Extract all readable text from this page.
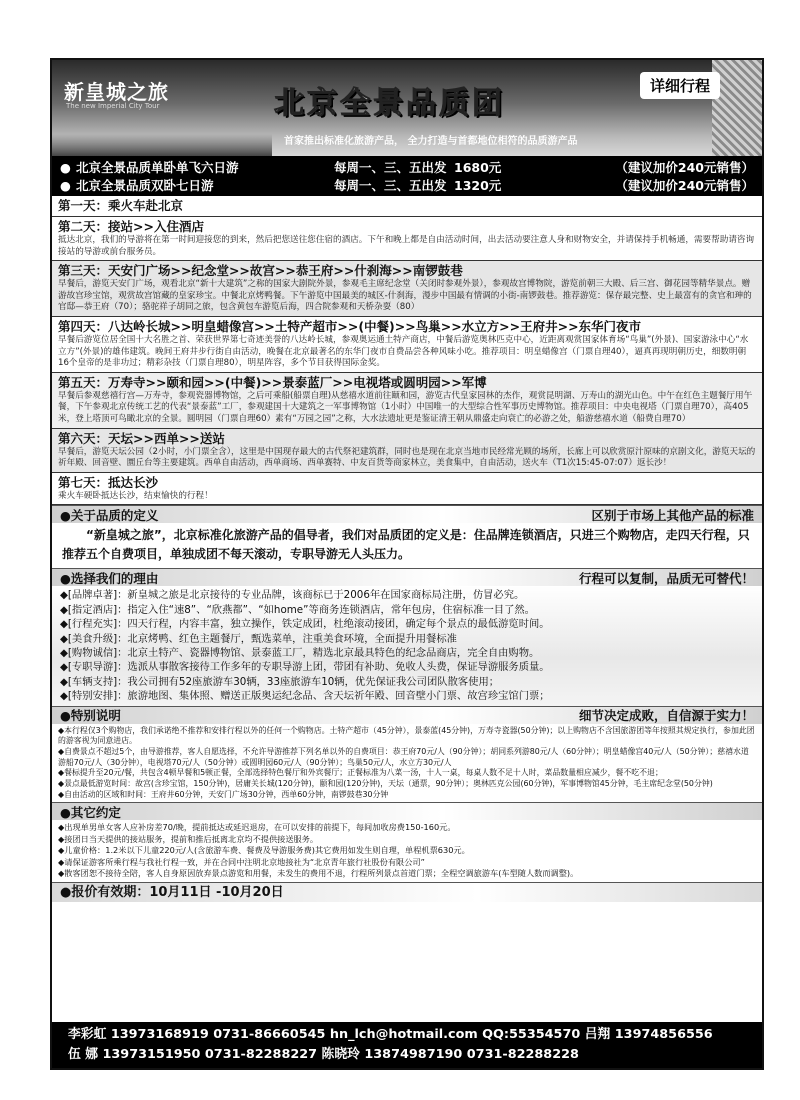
新皇城之旅
The new Imperial City Tour	北京全景品质团	详细行程
首家推出标准化旅游产品， 全力打造与首都地位相符的品质游产品
● 北京全景品质单卧单飞六日游	每周一、三、五出发 1680元	（建议加价240元销售）
● 北京全景品质双卧七日游	每周一、三、五出发 1320元	（建议加价240元销售）
第一天：乘火车赴北京
第二天：接站>>入住酒店
抵达北京，我们的导游将在第一时间迎接您的到来，然后把您送往您住宿的酒店。下午和晚上都是自由活动时间，出去活动要注意人身和财物安全，并请保持手机畅通，需要帮助请咨询接站的导游或前台服务员。
第三天：天安门广场>>纪念堂>>故宫>>恭王府>>什刹海>>南锣鼓巷
早餐后，游览天安门广场，观看北京“新十大建筑”之称的国家大剧院外景，参观毛主席纪念堂（关闭时参观外景），参观故宫博物院，游览前朝三大殿、后三宫、御花园等精华景点。赠游故宫珍宝馆，观赏故宫馆藏的皇家珍宝。中餐北京烤鸭餐。下午游览中国最美的城区-什刹海，漫步中国最有情调的小街-南锣鼓巷。推荐游览：保存最完整、史上最富有的贪官和珅的官邸—恭王府（70）；骆驼祥子胡同之旅，包含黄包车游览后海，四合院参观和天桥杂耍（80）
第四天：八达岭长城>>明皇蜡像宫>>土特产超市>>(中餐)>>鸟巢>>水立方>>王府井>>东华门夜市
早餐后游览位居全国十大名胜之首、荣获世界第七奇迹美誉的八达岭长城，参观奥运通土特产商店，中餐后游览奥林匹克中心，近距离观赏国家体育场“鸟巢”(外景)、国家游泳中心“水立方”(外景)的雄伟建筑。晚间王府井步行街自由活动，晚餐在北京最著名的东华门夜市自费品尝各种风味小吃。推荐项目：明皇蜡像宫（门票自理40），逼真再现明朝历史，细数明朝16个皇帝的是非功过；精彩杂技（门票自理80），明星阵容，多个节目获得国际金奖。
第五天：万寿寺>>颐和园>>(中餐)>>景泰蓝厂>>电视塔或圆明园>>军博
早餐后参观慈禧行宫—万寿寺，参观瓷器博物馆，之后可乘船(船票自理)从慈禧水道前往颐和园，游览古代皇家园林的杰作，观赏昆明湖、万寿山的湖光山色。中午在红色主题餐厅用午餐，下午参观北京传统工艺的代表“景泰蓝”工厂，参观建国十大建筑之一军事博物馆（1小时）中国唯一的大型综合性军事历史博物馆。推荐项目：中央电视塔（门票自理70），高405米，登上塔顶可鸟瞰北京的全景。圆明园（门票自理60）素有“万园之园”之称，大水法遗址更是鉴证清王朝从鼎盛走向衰亡的必游之处，船游慈禧水道（船费自理70）
第六天：天坛>>西单>>送站
早餐后，游览天坛公园（2小时，小门票全含），这里是中国现存最大的古代祭祀建筑群，同时也是现在北京当地市民经常光顾的场所，长廊上可以欣赏原汁原味的京剧文化，游览天坛的祈年殿、回音壁、圜丘台等主要建筑。西单自由活动，西单商场、西单赛特、中友百货等商家林立，美食集中，自由活动，送火车（T1次15:45-07:07）返长沙！
第七天：抵达长沙
乘火车硬卧抵达长沙，结束愉快的行程！
●关于品质的定义	区别于市场上其他产品的标准
“新皇城之旅”，北京标准化旅游产品的倡导者，我们对品质团的定义是：住品牌连锁酒店，只进三个购物店，走四天行程，只推荐五个自费项目，单独成团不每天滚动，专职导游无人头压力。
●选择我们的理由	行程可以复制，品质无可替代！
◆[品牌卓著]：新皇城之旅是北京接待的专业品牌，该商标已于2006年在国家商标局注册，仿冒必究。
◆[指定酒店]：指定入住“速8”、“欣燕都”、“如home”等商务连锁酒店，常年包房，住宿标准一目了然。
◆[行程充实]：四天行程，内容丰富，独立操作，铁定成团，杜绝滚动接团，确定每个景点的最低游览时间。
◆[美食升级]：北京烤鸭、红色主题餐厅，甄选菜单，注重美食环境，全面提升用餐标准
◆[购物诚信]：北京土特产、瓷器博物馆、景泰蓝工厂，精选北京最具特色的纪念品商店，完全自由购物。
◆[专职导游]：选派从事散客接待工作多年的专职导游上团，带团有补助、免收人头费，保证导游服务质量。
◆[车辆支持]：我公司拥有52座旅游车30辆，33座旅游车10辆，优先保证我公司团队散客使用；
◆[特别安排]：旅游地图、集体照、赠送正版奥运纪念品、含天坛祈年殿、回音壁小门票、故宫珍宝馆门票；
●特别说明	细节决定成败，自信源于实力！
◆本行程仅3个购物店，我们承诺绝不推荐和安排行程以外的任何一个购物店。土特产超市（45分钟），景泰蓝(45分钟)，万寿寺瓷器(50分钟)；以上购物店不含国旅游团等年按照其规定执行，参加此团的游客视为同意进店。
◆自费景点不超过5个，由导游推荐，客人自愿选择，不允许导游推荐下列名单以外的自费项目：恭王府70元/人（90分钟）；胡同系列游80元/人（60分钟）；明皇蜡像宫40元/人（50分钟）；慈禧水道游船70元/人（30分钟），电视塔70元/人（50分钟）或圆明园60元/人（90分钟）；鸟巢50元/人，水立方30元/人
◆餐标提升至20元/餐，共包含4顿早餐和5顿正餐，全部选择特色餐厅和外宾餐厅；正餐标准为八菜一汤，十人一桌，每桌人数不足十人时，菜品数量相应减少，餐不吃不退；
◆景点最低游览时间：故宫(含珍宝馆，150分钟)，居庸关长城(120分钟)，颐和园(120分钟)，天坛（通票，90分钟）；奥林匹克公园(60分钟)，军事博物馆45分钟，毛主席纪念堂(50分钟)
◆自由活动的区域和时间：王府井60分钟，天安门广场30分钟，西单60分钟，南锣鼓巷30分钟
●其它约定
◆出现单男单女客人应补房差70/晚，提前抵达或延迟退房，在可以安排的前提下，每间加收房费150-160元。
◆接团日当天提供的接站服务，提前和推后抵离北京均不提供接送服务。
◆儿童价格：1.2米以下儿童220元/人(含旅游车费、餐费及导游服务费)其它费用如发生则自理，单程机票630元。
◆请保证游客所乘行程与我社行程一致，并在合同中注明北京地接社为“北京青年旅行社股份有限公司”
◆散客团恕不接待全陪，客人自身原因放弃景点游览和用餐，未发生的费用不退，行程所列景点首道门票；全程空调旅游车(车型随人数而调整)。
●报价有效期：10月11日 -10月20日
李彩虹 13973168919 0731-86660545 hn_lch@hotmail.com QQ:55354570 吕翔 13974856556
伍 娜 13973151950 0731-82288227 陈晓玲 13874987190 0731-82288228
